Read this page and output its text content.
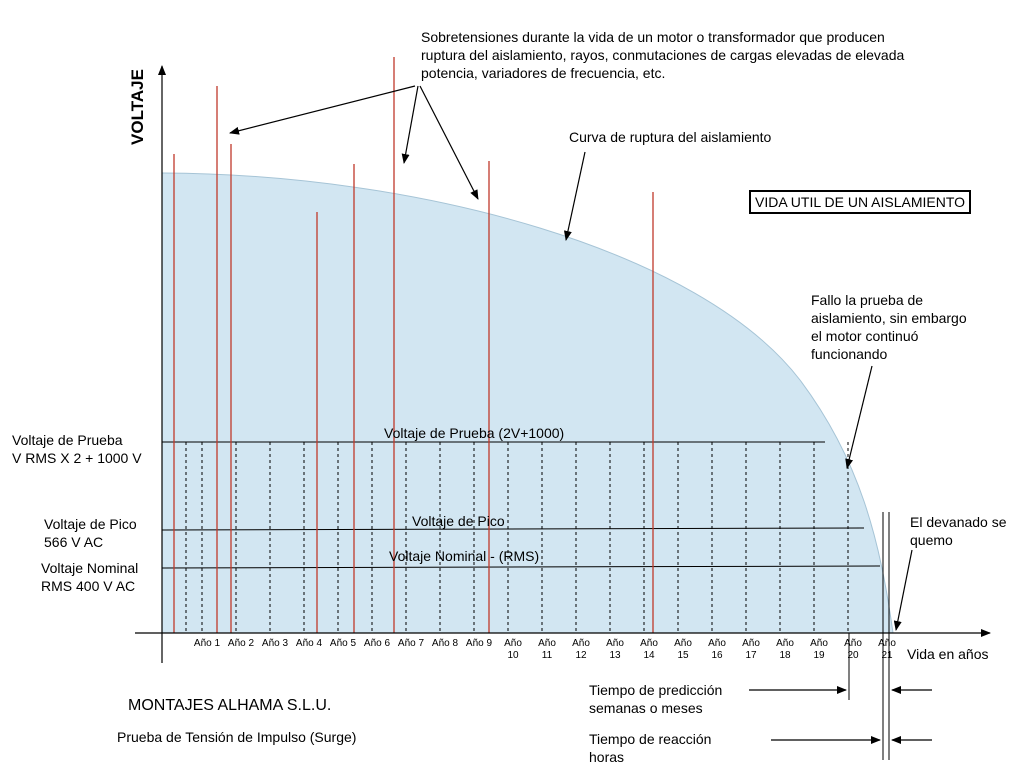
VOLTAJE
Sobretensiones durante la vida de un motor o transformador que producen
ruptura del aislamiento, rayos, conmutaciones de cargas elevadas de elevada
potencia, variadores de frecuencia, etc.
Curva de ruptura del aislamiento
VIDA UTIL DE UN AISLAMIENTO
Fallo la prueba de
aislamiento, sin embargo
el motor continuó
funcionando
El devanado se
quemo
Voltaje de Prueba (2V+1000)
Voltaje de Pico
Voltaje Nominal - (RMS)
Voltaje de Prueba
V RMS X 2 + 1000 V
Voltaje de Pico
566 V AC
Voltaje Nominal
RMS 400 V AC
Año 1 Año 2 Año 3 Año 4 Año 5 Año 6 Año 7 Año 8 Año 9	Año
10
Año
11
Año
12
Año
13
Año
14
Año
15
Año
16
Año
17
Año
18
Año
19
Año
20
Año
21	Vida en años
Tiempo de predicción
semanas o meses
Tiempo de reacción
horas
MONTAJES ALHAMA S.L.U.
Prueba de Tensión de Impulso (Surge)
